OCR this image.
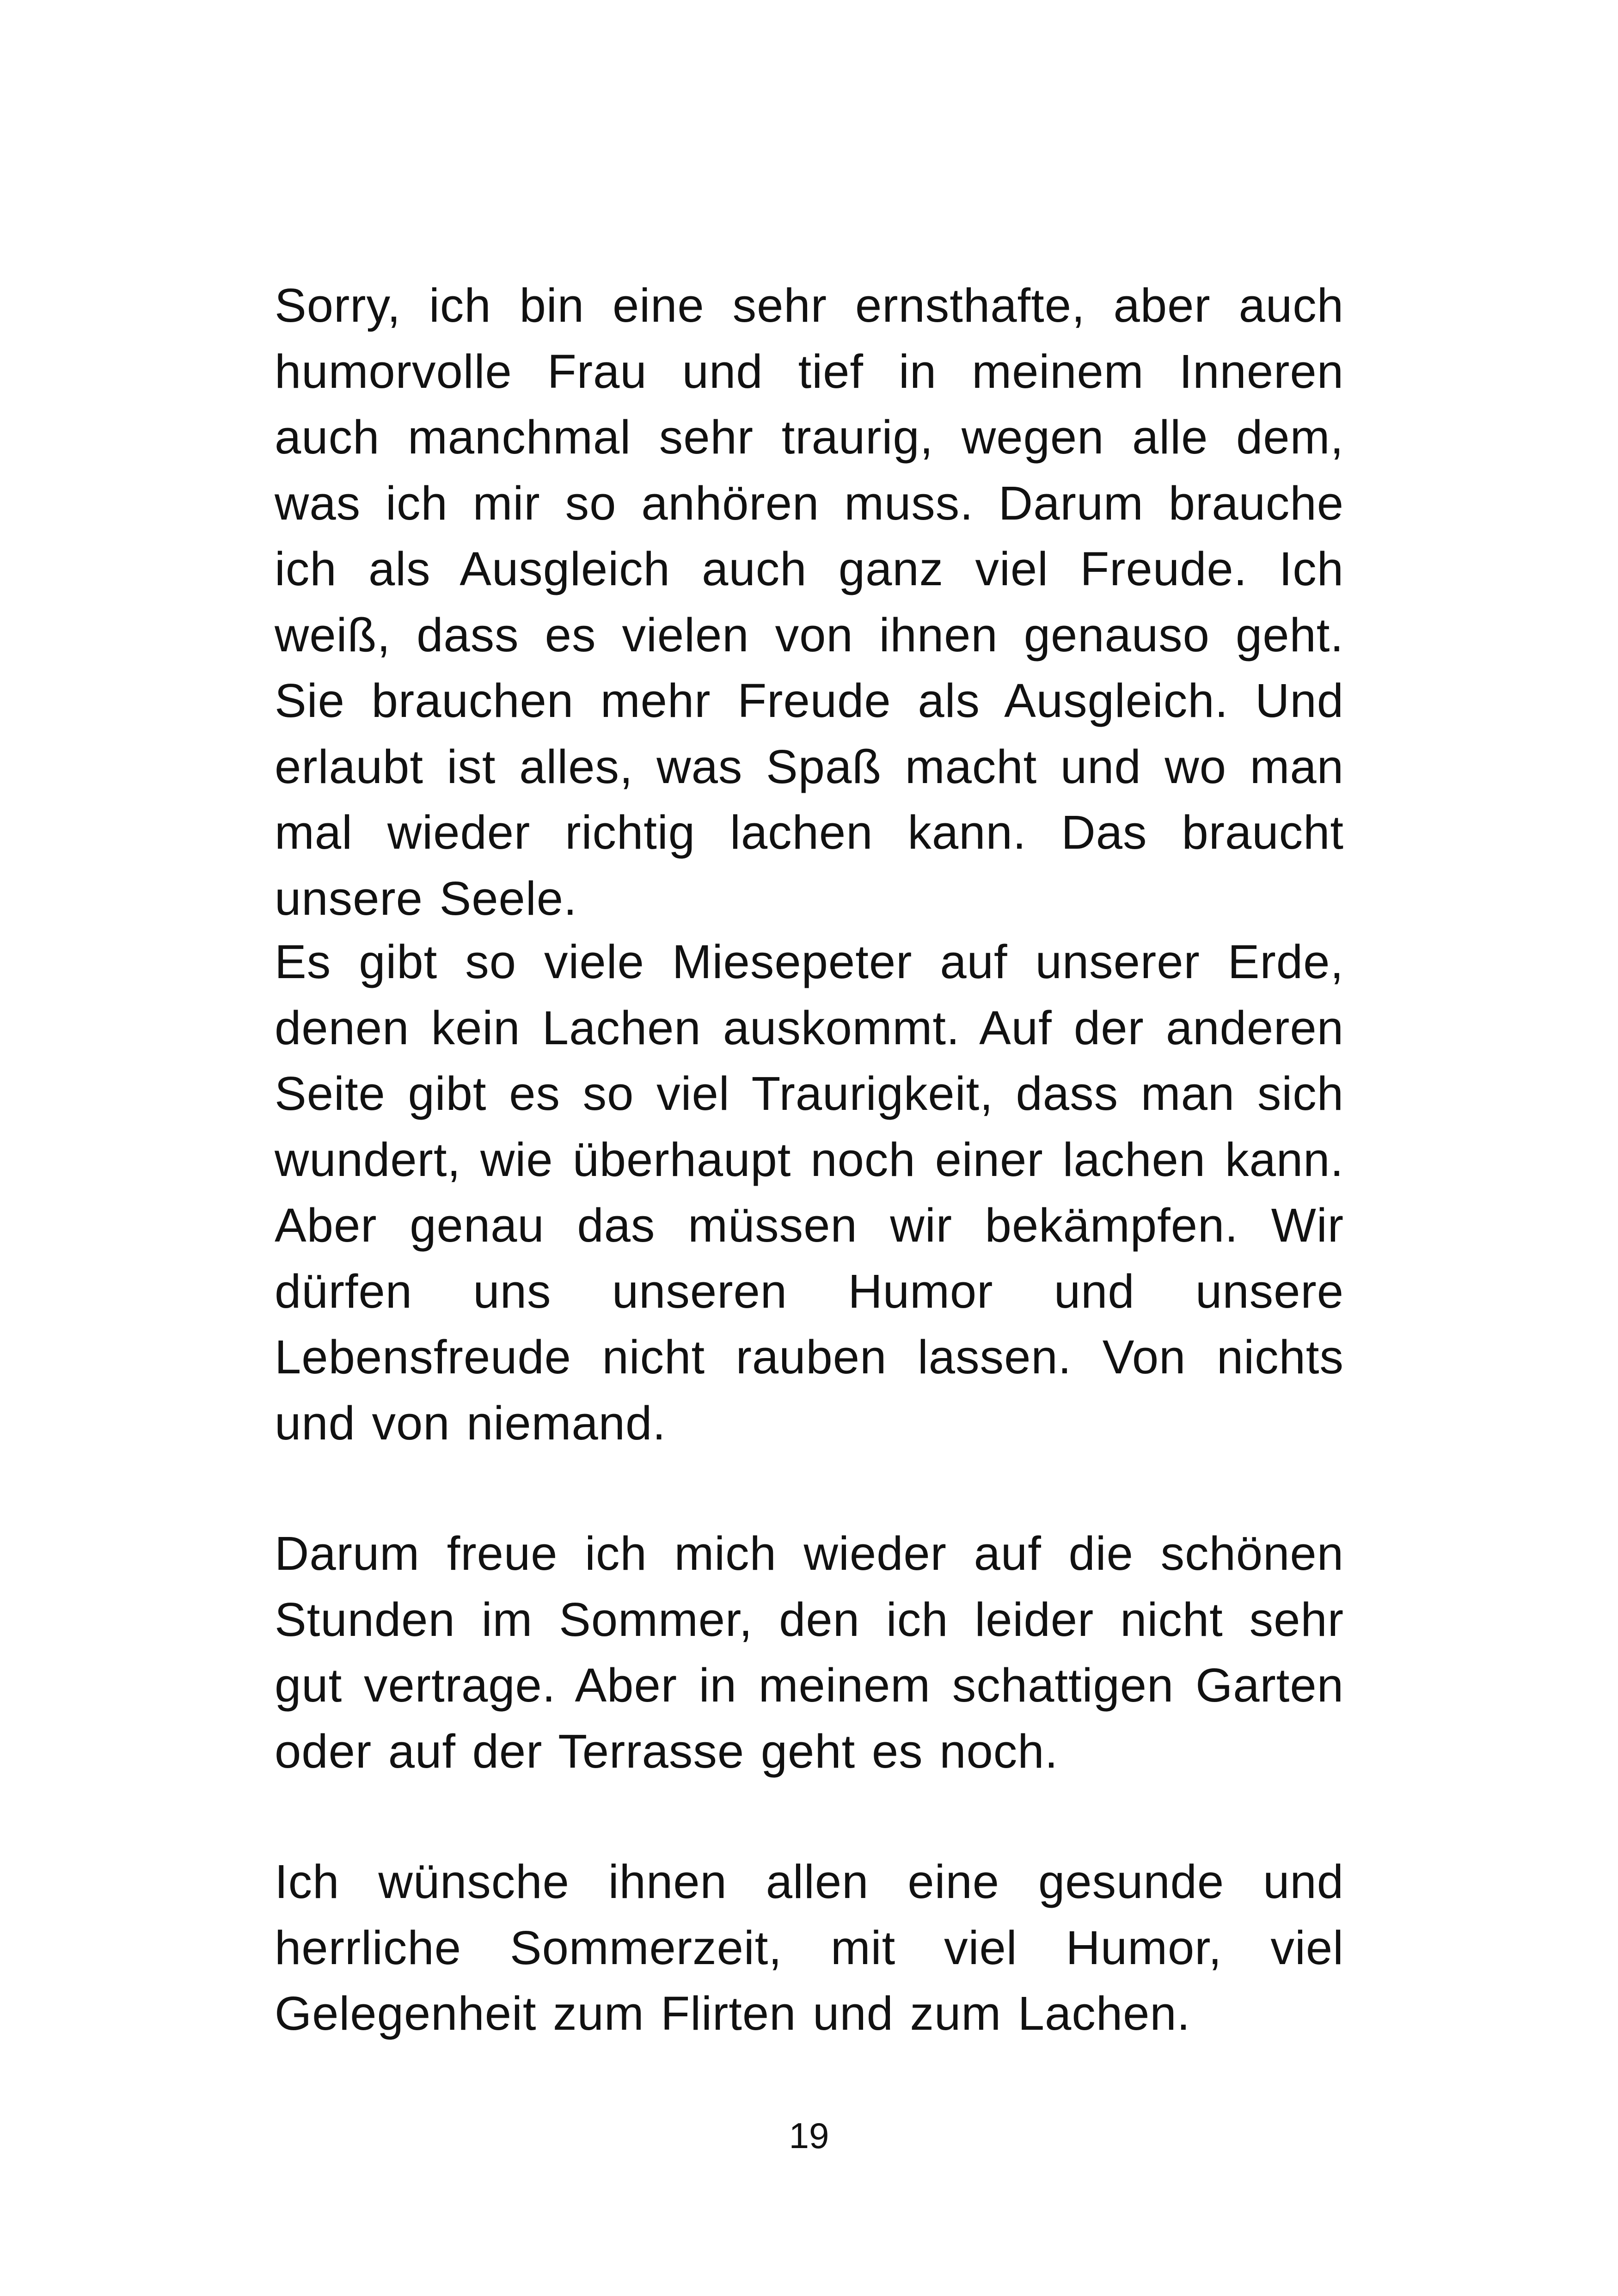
Sorry, ich bin eine sehr ernsthafte, aber auch humorvolle Frau und tief in meinem Inneren auch manchmal sehr traurig, wegen alle dem, was ich mir so anhören muss. Darum brauche ich als Ausgleich auch ganz viel Freude. Ich weiß, dass es vielen von ihnen genauso geht. Sie brauchen mehr Freude als Ausgleich. Und erlaubt ist alles, was Spaß macht und wo man mal wieder richtig lachen kann. Das braucht unsere Seele.

Es gibt so viele Miesepeter auf unserer Erde, denen kein Lachen auskommt. Auf der anderen Seite gibt es so viel Traurigkeit, dass man sich wundert, wie überhaupt noch einer lachen kann. Aber genau das müssen wir bekämpfen. Wir dürfen uns unseren Humor und unsere Lebensfreude nicht rauben lassen. Von nichts und von niemand.

Darum freue ich mich wieder auf die schönen Stunden im Sommer, den ich leider nicht sehr gut vertrage. Aber in meinem schattigen Garten oder auf der Terrasse geht es noch.

Ich wünsche ihnen allen eine gesunde und herrliche Sommerzeit, mit viel Humor, viel Gelegenheit zum Flirten und zum Lachen.

19
